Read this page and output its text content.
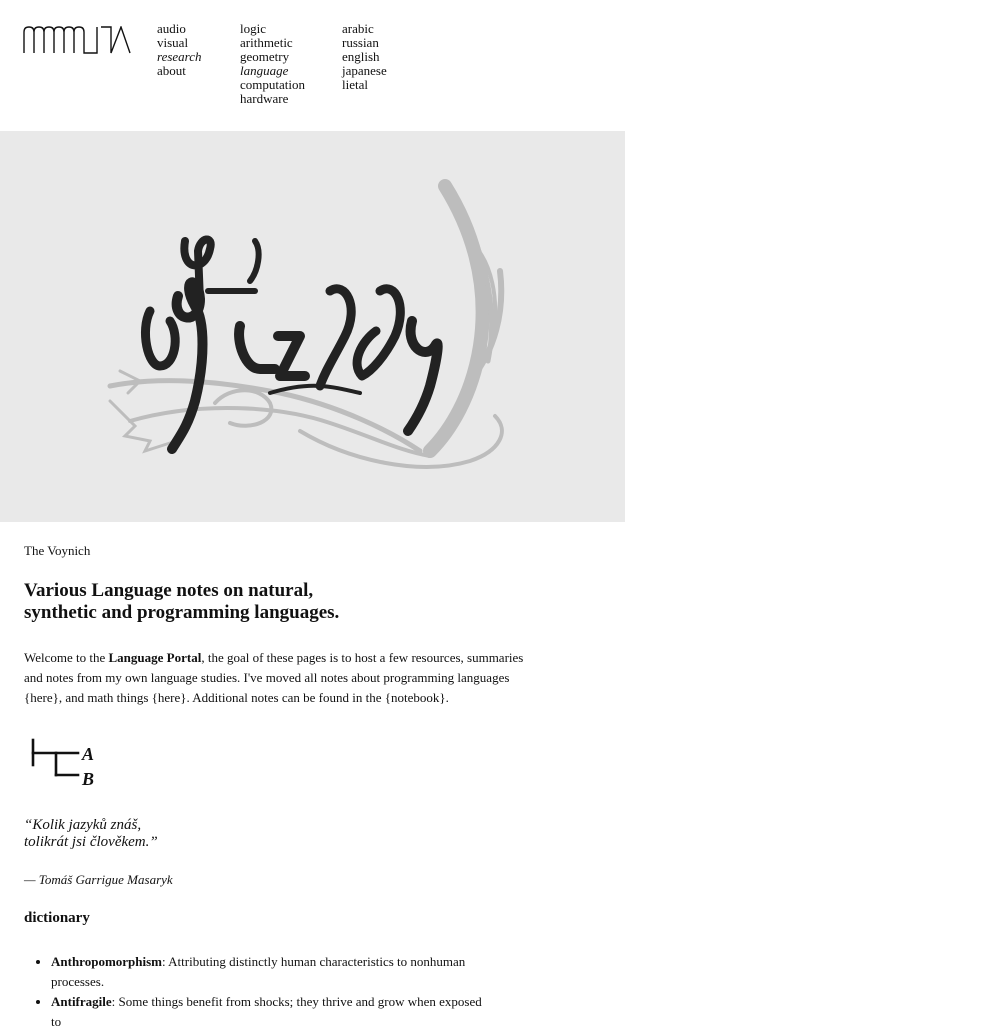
audio
visual
research
about
logic
arithmetic
geometry
language
computation
hardware
arabic
russian
english
japanese
lietal
The Voynich
Various Language notes on natural,
synthetic and programming languages.

Welcome to the Language Portal, the goal of these pages is to host a few resources, summaries and notes from my own language studies. I've moved all notes about programming languages {here}, and math things {here}. Additional notes can be found in the {notebook}.

A
B
“Kolik jazyků znáš,
tolikrát jsi člověkem.”
— Tomáš Garrigue Masaryk
dictionary
• Anthropomorphism: Attributing distinctly human characteristics to nonhuman processes.
• Antifragile: Some things benefit from shocks; they thrive and grow when exposed to
